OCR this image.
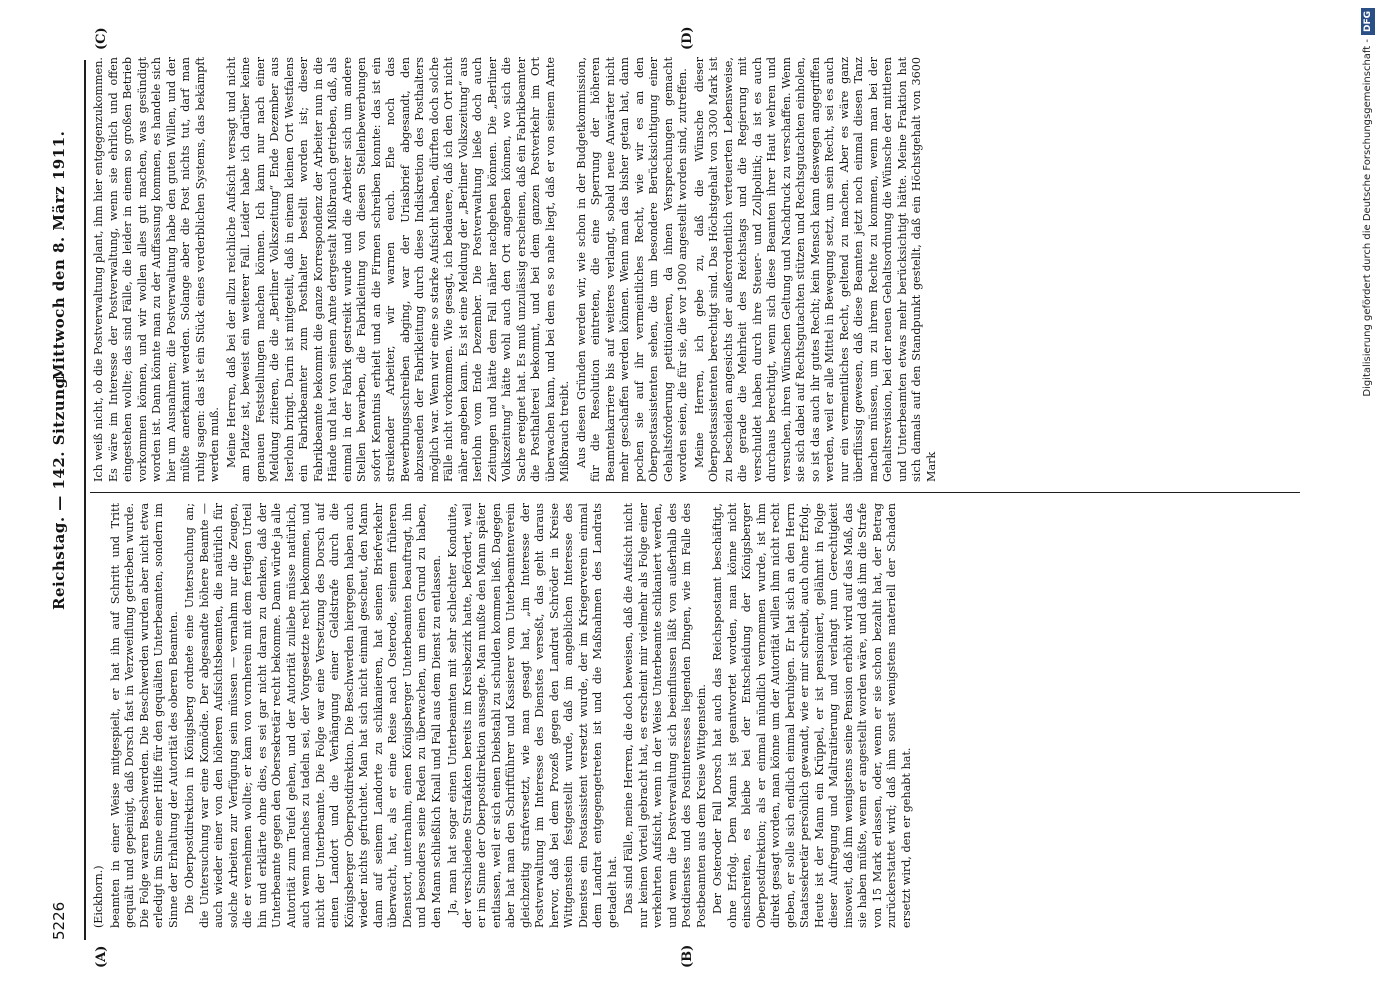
5226
Reichstag. — 142. Sitzung.
Mittwoch den 8. März 1911.
(A)	(B)
(C)	(D)

(Eickhorn.) beamten in einer Weise mitgespielt, er hat ihn auf Schritt und Tritt gequält und gepeinigt, daß Dorsch fast in Verzweiflung getrieben wurde. Die Folge waren Beschwerden. Die Beschwerden wurden aber nicht etwa erledigt im Sinne einer Hilfe für den gequälten Unterbeamten, sondern im Sinne der Erhaltung der Autorität des oberen Beamten. Die Oberpostdirektion in Königsberg ordnete eine Untersuchung an; die Untersuchung war eine Komödie. Der abgesandte höhere Beamte — auch wieder einer von den höheren Aufsichtsbeamten, die natürlich für solche Arbeiten zur Verfügung sein müssen — vernahm nur die Zeugen, die er vernehmen wollte; er kam von vornherein mit dem fertigen Urteil hin und erklärte ohne dies, es sei gar nicht daran zu denken, daß der Unterbeamte gegen den Obersekretär recht bekomme. Dann würde ja alle Autorität zum Teufel gehen, und der Autorität zuliebe müsse natürlich, auch wenn manches zu tadeln sei, der Vorgesetzte recht bekommen, und nicht der Unterbeamte. Die Folge war eine Versetzung des Dorsch auf einen Landort und die Verhängung einer Geldstrafe durch die Königsberger Oberpostdirektion. Die Beschwerden hiergegen haben auch wieder nichts gefruchtet. Man hat sich nicht einmal gescheut, den Mann dann auf seinem Landorte zu schikanieren, hat seinen Briefverkehr überwacht, hat, als er eine Reise nach Osterode, seinem früheren Dienstort, unternahm, einen Königsberger Unterbeamten beauftragt, ihn und besonders seine Reden zu überwachen, um einen Grund zu haben, den Mann schließlich Knall und Fall aus dem Dienst zu entlassen. Ja, man hat sogar einen Unterbeamten mit sehr schlechter Konduite, der verschiedene Strafakten bereits im Kreisbezirk hatte, befördert, weil er im Sinne der Oberpostdirektion aussagte. Man mußte den Mann später entlassen, weil er sich einen Diebstahl zu schulden kommen ließ. Dagegen aber hat man den Schriftführer und Kassierer vom Unterbeamtenverein gleichzeitig strafversetzt, wie man gesagt hat, „im Interesse der Postverwaltung im Interesse des Dienstes verseßt, das geht daraus hervor, daß bei dem Prozeß gegen den Landrat Schröder in Kreise Wittgenstein festgestellt wurde, daß im angeblichen Interesse des Dienstes ein Postassistent versetzt wurde, der im Kriegerverein einmal dem Landrat entgegengetreten ist und die Maßnahmen des Landrats getadelt hat. Das sind Fälle, meine Herren, die doch beweisen, daß die Aufsicht nicht nur keinen Vorteil gebracht hat, es erscheint mir vielmehr als Folge einer verkehrten Aufsicht, wenn in der Weise Unterbeamte schikaniert werden, und wenn die Postverwaltung sich beeinflussen läßt von außerhalb des Postdienstes und des Postinteresses liegenden Dingen, wie im Falle des Postbeamten aus dem Kreise Wittgenstein. Der Osteroder Fall Dorsch hat auch das Reichspostamt beschäftigt, ohne Erfolg. Dem Mann ist geantwortet worden, man könne nicht einschreiten, es bleibe bei der Entscheidung der Königsberger Oberpostdirektion; als er einmal mündlich vernommen wurde, ist ihm direkt gesagt worden, man könne um der Autorität willen ihm nicht recht geben, er solle sich endlich einmal beruhigen. Er hat sich an den Herrn Staatssekretär persönlich gewandt, wie er mir schreibt, auch ohne Erfolg. Heute ist der Mann ein Krüppel, er ist pensioniert, gelähmt in Folge dieser Aufregung und Maltraitierung und verlangt nun Gerechtigkeit insoweit, daß ihm wenigstens seine Pension erhöht wird auf das Maß, das sie haben müßte, wenn er angestellt worden wäre, und daß ihm die Strafe von 15 Mark erlassen, oder, wenn er sie schon bezahlt hat, der Betrag zurückerstattet wird; daß ihm sonst wenigstens materiell der Schaden ersetzt wird, den er gehabt hat.

Ich weiß nicht, ob die Postverwaltung plant, ihm hier entgegenzukommen. Es wäre im Interesse der Postverwaltung, wenn sie ehrlich und offen eingestehen wollte; das sind Fälle, die leider in einem so großen Betrieb vorkommen können, und wir wollen alles gut machen, was gesündigt worden ist. Dann könnte man zu der Auffassung kommen, es handele sich hier um Ausnahmen; die Postverwaltung habe den guten Willen, und der müßte anerkannt werden. Solange aber die Post nichts tut, darf man ruhig sagen: das ist ein Stück eines verderblichen Systems, das bekämpft werden muß. Meine Herren, daß bei der allzu reichliche Aufsicht versagt und nicht am Platze ist, beweist ein weiterer Fall. Leider habe ich darüber keine genauen Feststellungen machen können. Ich kann nur nach einer Meldung zitieren, die die „Berliner Volkszeitung“ Ende Dezember aus Iserlohn bringt. Darin ist mitgeteilt, daß in einem kleinen Ort Westfalens ein Fabrikbeamter zum Posthalter bestellt worden ist; dieser Fabrikbeamte bekommt die ganze Korrespondenz der Arbeiter nun in die Hände und hat von seinem Amte dergestalt Mißbrauch getrieben, daß, als einmal in der Fabrik gestreikt wurde und die Arbeiter sich um andere Stellen bewarben, die Fabrikleitung von diesen Stellenbewerbungen sofort Kenntnis erhielt und an die Firmen schreiben konnte: das ist ein streikender Arbeiter, wir warnen euch. Ehe noch das Bewerbungsschreiben abging, war der Uriasbrief abgesandt, den abzusenden der Fabrikleitung durch diese Indiskretion des Posthalters möglich war. Wenn wir eine so starke Aufsicht haben, dürften doch solche Fälle nicht vorkommen. Wie gesagt, ich bedauere, daß ich den Ort nicht näher angeben kann. Es ist eine Meldung der „Berliner Volkszeitung“ aus Iserlohn vom Ende Dezember. Die Postverwaltung ließe doch auch Zeitungen und hätte dem Fall näher nachgehen können. Die „Berliner Volkszeitung“ hätte wohl auch den Ort angeben können, wo sich die Sache ereignet hat. Es muß unzulässig erscheinen, daß ein Fabrikbeamter die Posthalterei bekommt, und bei dem ganzen Postverkehr im Ort überwachen kann, und bei dem es so nahe liegt, daß er von seinem Amte Mißbrauch treibt. Aus diesen Gründen werden wir, wie schon in der Budgetkommission, für die Resolution eintreten, die eine Sperrung der höheren Beamtenkarriere bis auf weiteres verlangt, sobald neue Anwärter nicht mehr geschaffen werden können. Wenn man das bisher getan hat, dann pochen sie auf ihr vermeintliches Recht, wie wir es an den Oberpostassistenten sehen, die um besondere Berücksichtigung einer Gehaltsforderung petitionieren, da ihnen Versprechungen gemacht worden seien, die für sie, die vor 1900 angestellt worden sind, zutreffen. Meine Herren, ich gebe zu, daß die Wünsche dieser Oberpostassistenten berechtigt sind. Das Höchstgehalt von 3300 Mark ist zu bescheiden angesichts der außerordentlich verteuerten Lebensweise, die gerade die Mehrheit des Reichstags und die Regierung mit verschuldet haben durch ihre Steuer- und Zollpolitik; da ist es auch durchaus berechtigt, wenn sich diese Beamten ihrer Haut wehren und versuchen, ihren Wünschen Geltung und Nachdruck zu verschaffen. Wenn sie sich dabei auf Rechtsgutachten stützen und Rechtsgutachten einholen, so ist das auch ihr gutes Recht; kein Mensch kann deswegen angegriffen werden, weil er alle Mittel in Bewegung setzt, um sein Recht, sei es auch nur ein vermeintliches Recht, geltend zu machen. Aber es wäre ganz überflüssig gewesen, daß diese Beamten jetzt noch einmal diesen Tanz machen müssen, um zu ihrem Rechte zu kommen, wenn man bei der Gehaltsrevision, bei der neuen Gehaltsordnung die Wünsche der mittleren und Unterbeamten etwas mehr berücksichtigt hätte. Meine Fraktion hat sich damals auf den Standpunkt gestellt, daß ein Höchstgehalt von 3600 Mark

Digitalisierung gefördert durch die Deutsche Forschungsgemeinschaft -DFG
